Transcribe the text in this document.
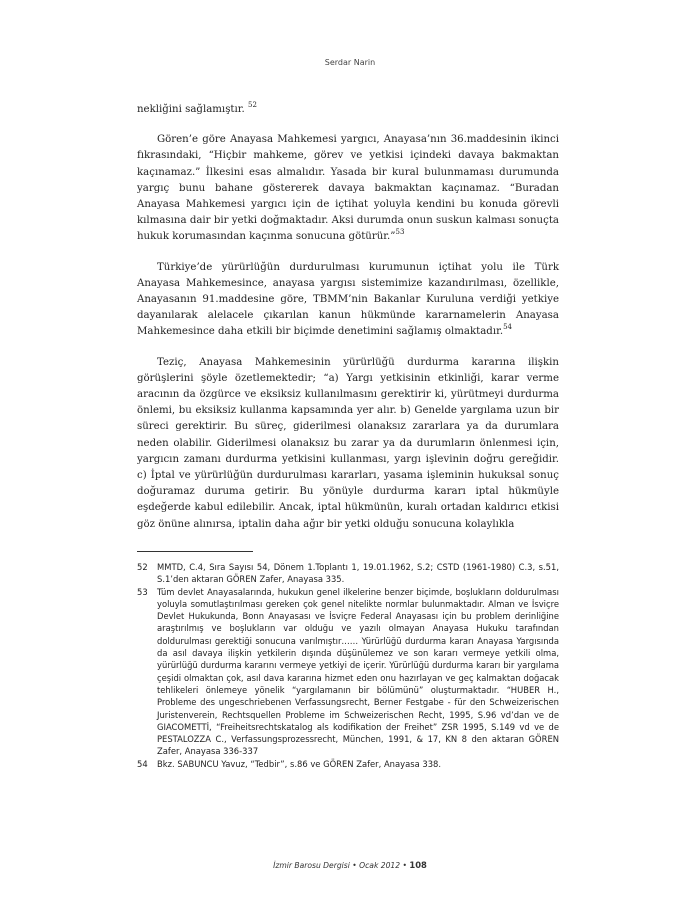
Serdar Narin

nekliğini sağlamıştır. $^{52}$

Gören’e göre Anayasa Mahkemesi yargıcı, Anayasa’nın 36.maddesinin ikinci fıkrasındaki, “Hiçbir mahkeme, görev ve yetkisi içindeki davaya bakmaktan kaçınamaz.” İlkesini esas almalıdır. Yasada bir kural bulunmaması durumunda yargıç bunu bahane göstererek davaya bakmaktan kaçınamaz. “Buradan Anayasa Mahkemesi yargıcı için de içtihat yoluyla kendini bu konuda görevli kılmasına dair bir yetki doğmaktadır. Aksi durumda onun suskun kalması sonuçta hukuk korumasından kaçınma sonucuna götürür.”$^{53}$

Türkiye’de yürürlüğün durdurulması kurumunun içtihat yolu ile Türk Anayasa Mahkemesince, anayasa yargısı sistemimize kazandırılması, özellikle, Anayasanın 91.maddesine göre, TBMM’nin Bakanlar Kuruluna verdiği yetkiye dayanılarak alelacele çıkarılan kanun hükmünde kararnamelerin Anayasa Mahkemesince daha etkili bir biçimde denetimini sağlamış olmaktadır.$^{54}$

Teziç, Anayasa Mahkemesinin yürürlüğü durdurma kararına ilişkin görüşlerini şöyle özetlemektedir; “a) Yargı yetkisinin etkinliği, karar verme aracının da özgürce ve eksiksiz kullanılmasını gerektirir ki, yürütmeyi durdurma önlemi, bu eksiksiz kullanma kapsamında yer alır. b) Genelde yargılama uzun bir süreci gerektirir. Bu süreç, giderilmesi olanaksız zararlara ya da durumlara neden olabilir. Giderilmesi olanaksız bu zarar ya da durumların önlenmesi için, yargıcın zamanı durdurma yetkisini kullanması, yargı işlevinin doğru gereğidir. c) İptal ve yürürlüğün durdurulması kararları, yasama işleminin hukuksal sonuç doğuramaz duruma getirir. Bu yönüyle durdurma kararı iptal hükmüyle eşdeğerde kabul edilebilir. Ancak, iptal hükmünün, kuralı ortadan kaldırıcı etkisi göz önüne alınırsa, iptalin daha ağır bir yetki olduğu sonucuna kolaylıkla

52	MMTD, C.4, Sıra Sayısı 54, Dönem 1.Toplantı 1, 19.01.1962, S.2; CSTD (1961-1980) C.3, s.51, S.1’den aktaran GÖREN Zafer, Anayasa 335.
53	Tüm devlet Anayasalarında, hukukun genel ilkelerine benzer biçimde, boşlukların doldurulması yoluyla somutlaştırılması gereken çok genel nitelikte normlar bulunmaktadır. Alman ve İsviçre Devlet Hukukunda, Bonn Anayasası ve İsviçre Federal Anayasası için bu problem derinliğine araştırılmış ve boşlukların var olduğu ve yazılı olmayan Anayasa Hukuku tarafından doldurulması gerektiği sonucuna varılmıştır…… Yürürlüğü durdurma kararı Anayasa Yargısında da asıl davaya ilişkin yetkilerin dışında düşünülemez ve son kararı vermeye yetkili olma, yürürlüğü durdurma kararını vermeye yetkiyi de içerir. Yürürlüğü durdurma kararı bir yargılama çeşidi olmaktan çok, asıl dava kararına hizmet eden onu hazırlayan ve geç kalmaktan doğacak tehlikeleri önlemeye yönelik “yargılamanın bir bölümünü” oluşturmaktadır. “HUBER H., Probleme des ungeschriebenen Verfassungsrecht, Berner Festgabe - für den Schweizerischen Juristenverein, Rechtsquellen Probleme im Schweizerischen Recht, 1995, S.96 vd’dan ve de GIACOMETTİ, “Freiheitsrechtskatalog als kodifikation der Freihet” ZSR 1995, S.149 vd ve de PESTALOZZA C., Verfassungsprozessrecht, München, 1991, & 17, KN 8 den aktaran GÖREN Zafer, Anayasa 336-337
54	Bkz. SABUNCU Yavuz, “Tedbir”, s.86 ve GÖREN Zafer, Anayasa 338.
İzmir Barosu Dergisi • Ocak 2012 • 108
